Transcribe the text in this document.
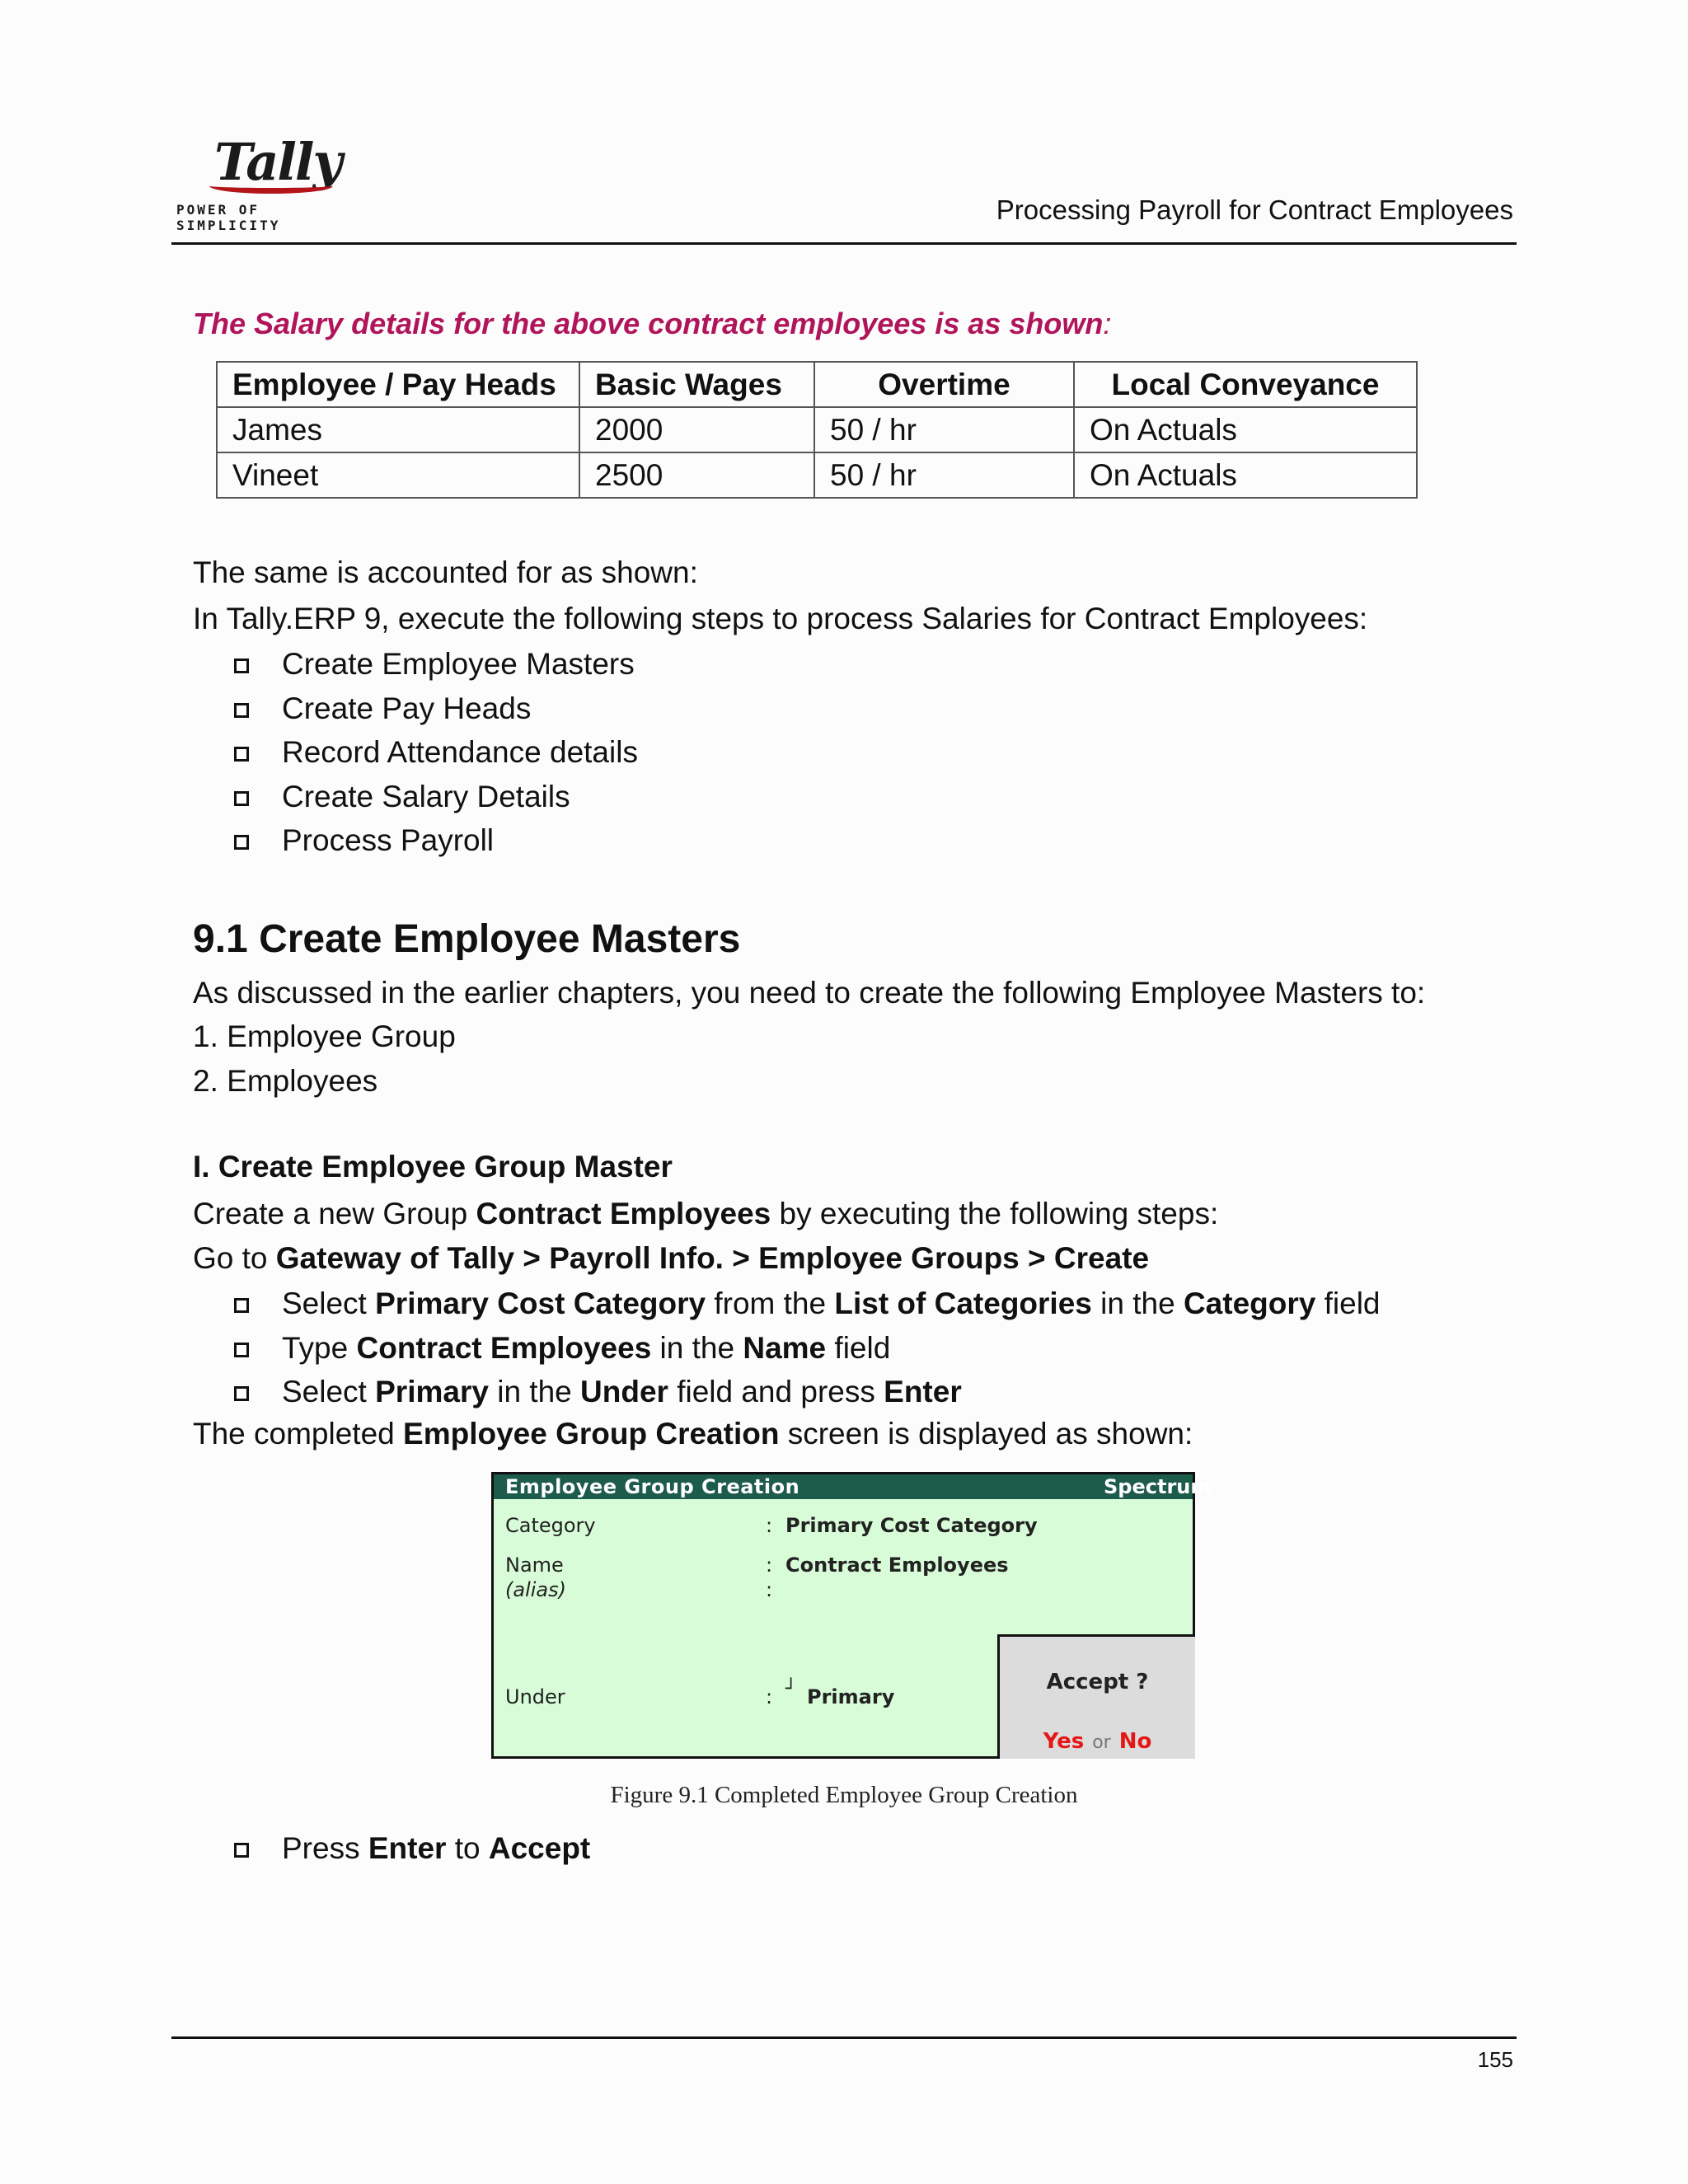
Tally
POWER OF SIMPLICITY
Processing Payroll for Contract Employees
The Salary details for the above contract employees is as shown:
Employee / Pay Heads	Basic Wages	Overtime	Local Conveyance
James	2000	50 / hr	On Actuals
Vineet	2500	50 / hr	On Actuals
The same is accounted for as shown:
In Tally.ERP 9, execute the following steps to process Salaries for Contract Employees:
Create Employee Masters
Create Pay Heads
Record Attendance details
Create Salary Details
Process Payroll
9.1 Create Employee Masters
As discussed in the earlier chapters, you need to create the following Employee Masters to:
1. Employee Group
2. Employees
I. Create Employee Group Master
Create a new Group Contract Employees by executing the following steps:
Go to Gateway of Tally > Payroll Info. > Employee Groups > Create
Select Primary Cost Category from the List of Categories in the Category field
Type Contract Employees in the Name field
Select Primary in the Under field and press Enter
The completed Employee Group Creation screen is displayed as shown:
Employee Group Creation	Spectrum
Category	: Primary Cost Category
Name	: Contract Employees
(alias)	:
Under	: ┘ Primary
Accept ?
Yes or No
Figure 9.1 Completed Employee Group Creation
Press Enter to Accept
155
